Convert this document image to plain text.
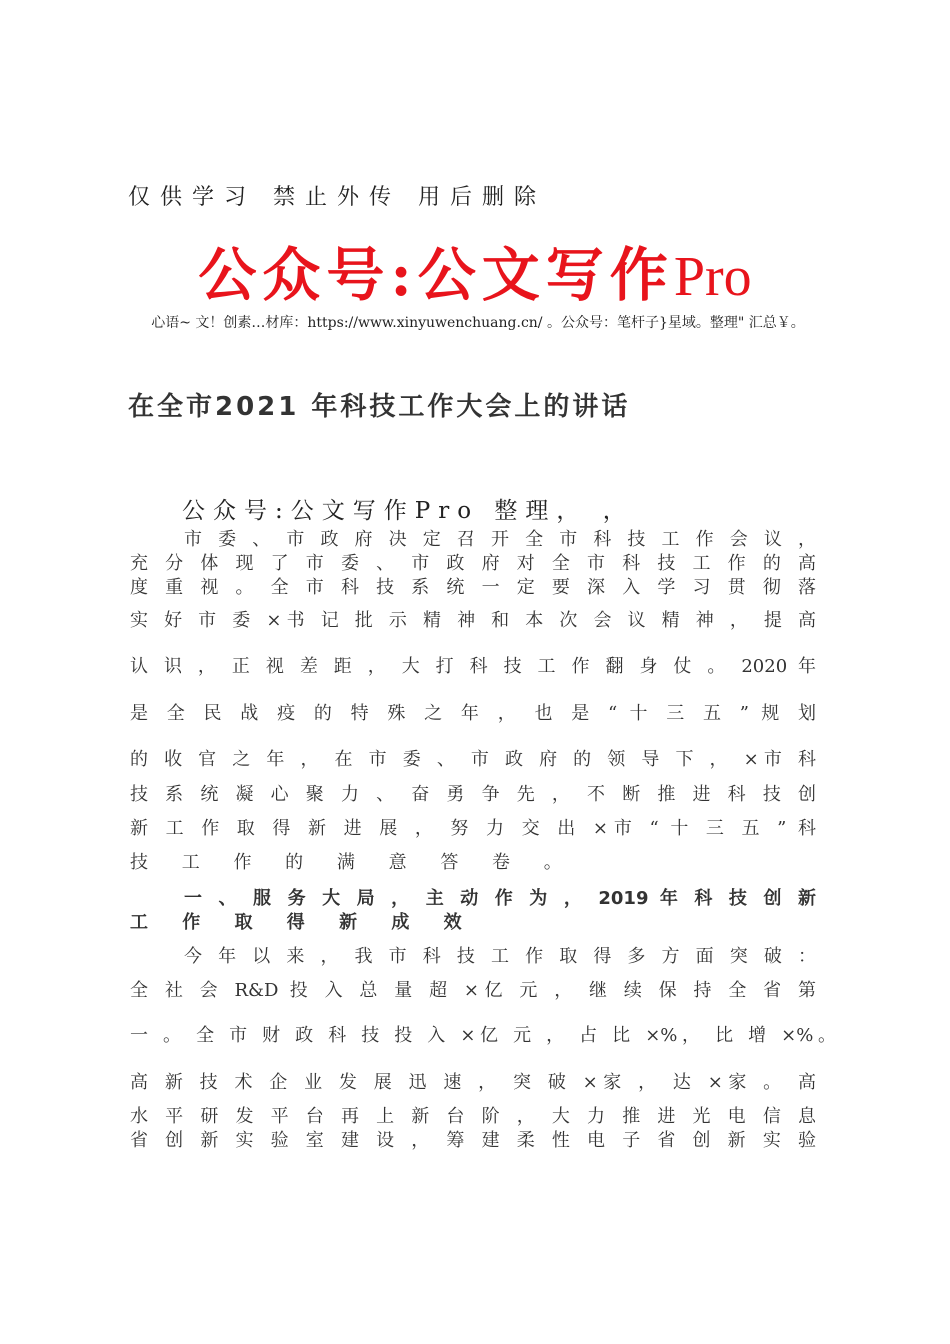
仅供学习 禁止外传 用后删除
公众号:公文写作Pro
心语~ 文！创素…材库：https://www.xinyuwenchuang.cn/ 。公众号：笔杆子}星域。整理" 汇总￥。
在全市2021 年科技工作大会上的讲话
公众号:公文写作Pro 整理， ，
市 委 、 市 政 府 决 定 召 开 全 市 科 技 工 作 会 议 ，
充 分 体 现 了 市 委 、 市 政 府 对 全 市 科 技 工 作 的 高
度 重 视 。 全 市 科 技 系 统 一 定 要 深 入 学 习 贯 彻 落
实 好 市 委 ×书 记 批 示 精 神 和 本 次 会 议 精 神 ， 提 高
认 识 ， 正 视 差 距 ， 大 打 科 技 工 作 翻 身 仗 。 2020 年
是 全 民 战 疫 的 特 殊 之 年 ， 也 是 “ 十 三 五 ” 规 划
的 收 官 之 年 ， 在 市 委 、 市 政 府 的 领 导 下 ， ×市 科
技 系 统 凝 心 聚 力 、 奋 勇 争 先 ， 不 断 推 进 科 技 创
新 工 作 取 得 新 进 展 ， 努 力 交 出 ×市 “ 十 三 五 ” 科
技 工 作 的 满 意 答 卷 。
一 、 服 务 大 局 ， 主 动 作 为 ， 2019 年 科 技 创 新
工 作 取 得 新 成 效
今 年 以 来 ， 我 市 科 技 工 作 取 得 多 方 面 突 破 ：
全 社 会 R&D 投 入 总 量 超 ×亿 元 ， 继 续 保 持 全 省 第
一 。 全 市 财 政 科 技 投 入 ×亿 元 ， 占 比 ×%， 比 增 ×%。
高 新 技 术 企 业 发 展 迅 速 ， 突 破 ×家 ， 达 ×家 。 高
水 平 研 发 平 台 再 上 新 台 阶 ， 大 力 推 进 光 电 信 息
省 创 新 实 验 室 建 设 ， 筹 建 柔 性 电 子 省 创 新 实 验
